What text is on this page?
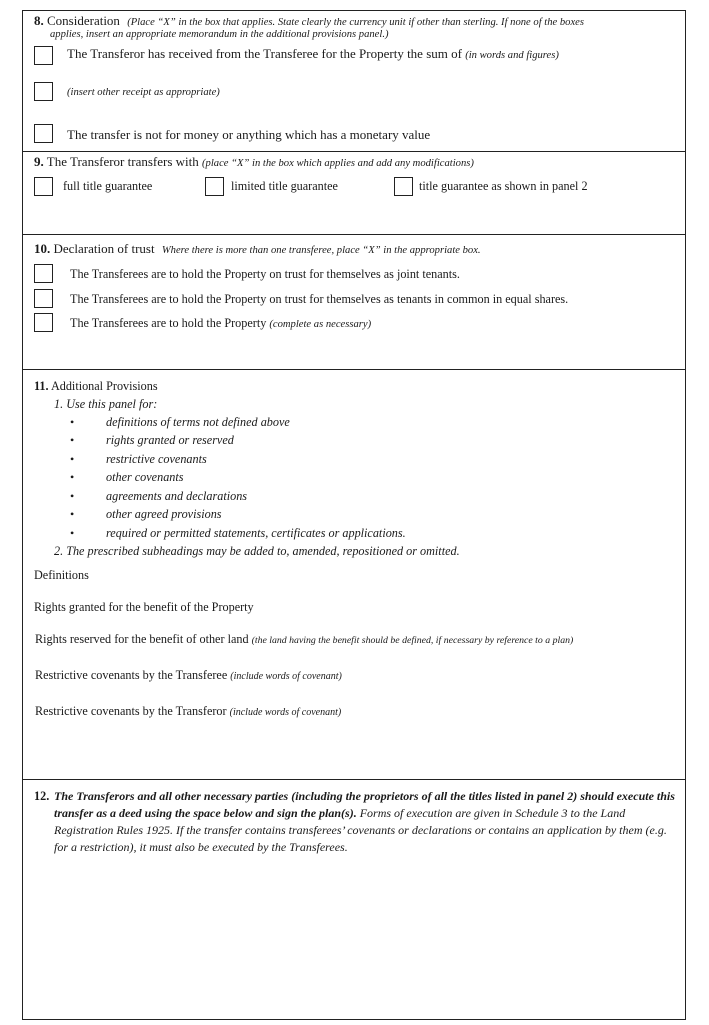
8. Consideration (Place “X” in the box that applies. State clearly the currency unit if other than sterling. If none of the boxes
applies, insert an appropriate memorandum in the additional provisions panel.)
The Transferor has received from the Transferee for the Property the sum of (in words and figures)
(insert other receipt as appropriate)
The transfer is not for money or anything which has a monetary value
9. The Transferor transfers with (place “X” in the box which applies and add any modifications)
full title guarantee	limited title guarantee	title guarantee as shown in panel 2
10. Declaration of trust Where there is more than one transferee, place “X” in the appropriate box.
The Transferees are to hold the Property on trust for themselves as joint tenants.
The Transferees are to hold the Property on trust for themselves as tenants in common in equal shares.
The Transferees are to hold the Property (complete as necessary)
11. Additional Provisions
1. Use this panel for:
•	definitions of terms not defined above
•	rights granted or reserved
•	restrictive covenants
•	other covenants
•	agreements and declarations
•	other agreed provisions
•	required or permitted statements, certificates or applications.
2. The prescribed subheadings may be added to, amended, repositioned or omitted.
Definitions
Rights granted for the benefit of the Property
Rights reserved for the benefit of other land (the land having the benefit should be defined, if necessary by reference to a plan)
Restrictive covenants by the Transferee (include words of covenant)
Restrictive covenants by the Transferor (include words of covenant)
12. The Transferors and all other necessary parties (including the proprietors of all the titles listed in panel 2) should execute this transfer as a deed using the space below and sign the plan(s). Forms of execution are given in Schedule 3 to the Land Registration Rules 1925. If the transfer contains transferees’ covenants or declarations or contains an application by them (e.g. for a restriction), it must also be executed by the Transferees.
